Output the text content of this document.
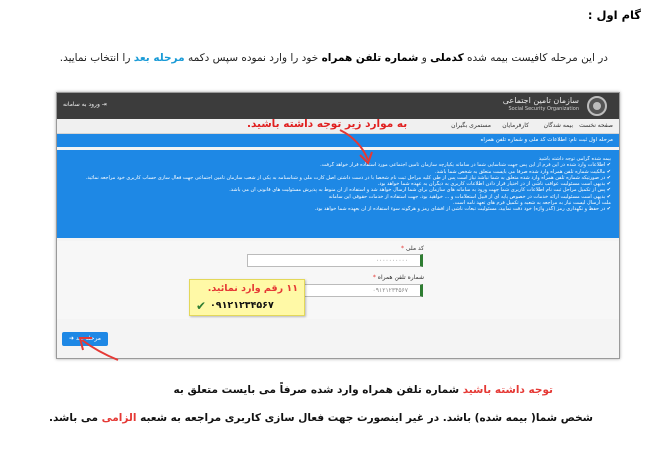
گام اول :
در این مرحله کافیست بیمه شده کدملی و شماره تلفن همراه خود را وارد نموده سپس دکمه مرحله بعد را انتخاب نمایید.
سازمان تامین اجتماعی
Social Security Organization
⇥ ورود به سامانه
صفحه نخست
بیمه شدگان
کارفرمایان
مستمری بگیران
به موارد زیر توجه داشته باشید.
مرحله اول ثبت نام: اطلاعات کد ملی و شماره تلفن همراه
بیمه شده گرامی توجه داشته باشید
✔ اطلاعات وارد شده در این فرم از این پس جهت شناسایی شما در سامانه یکپارچه سازمان تامین اجتماعی مورد استفاده قرار خواهد گرفت.
✔ مالکیت شماره تلفن همراه وارد شده صرفاً می بایست متعلق به شخص شما باشد.
✔ در صورتیکه شماره تلفن همراه وارد شده متعلق به شما نباشد نیاز است پس از طی کلیه مراحل ثبت نام شخصاً با در دست داشتن اصل کارت ملی و شناسنامه به یکی از شعب سازمان تامین اجتماعی جهت فعال سازی حساب کاربری خود مراجعه نمائید.
✔ بدیهی است مسئولیت عواقب ناشی از در اختیار قرار دادن اطلاعات کاربری به دیگران به عهده شما خواهد بود.
✔ پس از تکمیل مراحل ثبت نام اطلاعات کاربری شما جهت ورود به سامانه های سازمان برای شما ارسال خواهد شد و استفاده از آن منوط به پذیرش مسئولیت های قانونی آن می باشد.
✔ بدیهی است مسئولیت ارائه خدمات در خصوص پایه ای از قبیل استعلامات و ... خواهید بود. جهت استفاده از خدمات حقوقی این سامانه
ملت ارسال لیست نیاز به مراجعه به شعبه و تکمیل فرم های تعهد نامه است.
✔ در حفظ و نگهداری رمز (گذر واژه) خود دقت نمایید، مسئولیت تبعات ناشی از افشای رمز و هرگونه سوء استفاده از آن بعهده شما خواهد بود.
کد ملی *
۰۰۰۰۰۰۰۰۰۰
شماره تلفن همراه *
۰۹۱۲۱۲۳۴۵۶۷
۱۱ رقم وارد نمائید.
✔ ۰۹۱۲۱۲۳۴۵۶۷
مرحله بعد ➜
توجه داشته باشید شماره تلفن همراه وارد شده صرفاً می بایست متعلق به
شخص شما( بیمه شده) باشد. در غیر اینصورت جهت فعال سازی کاربری مراجعه به شعبه الزامی می باشد.
